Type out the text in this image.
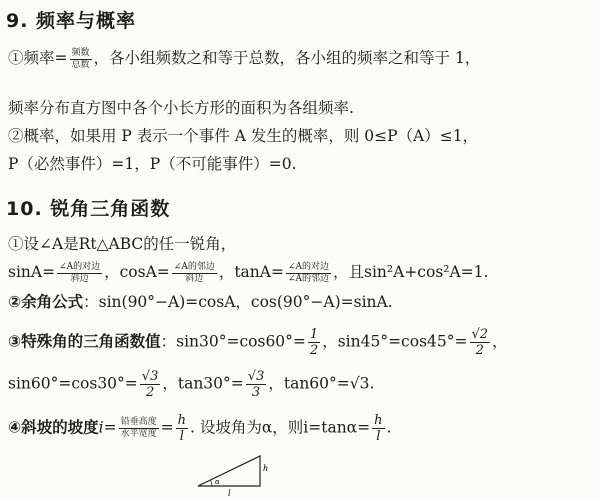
9. 频率与概率
①频率= $\frac{\text{频数}}{\text{总数}}$ ，各小组频数之和等于总数，各小组的频率之和等于 1，
频率分布直方图中各个小长方形的面积为各组频率.
②概率，如果用 P 表示一个事件 A 发生的概率，则 0≤P（A）≤1，
P（必然事件）=1，P（不可能事件）=0.
10. 锐角三角函数
①设∠A是Rt△ABC的任一锐角，
$\sin A= \frac{\text{∠A的对边}}{\text{斜边}}$ ，$\cos A= \frac{\text{∠A的邻边}}{\text{斜边}}$ ，$\tan A= \frac{\text{∠A的对边}}{\text{∠A的邻边}}$ ，且sin²A+cos²A=1.
②余角公式：sin(90°−A)=cosA，cos(90°−A)=sinA.
③特殊角的三角函数值：$\sin 30^\circ=\cos 60^\circ= \frac{1}{2}$ ，$\sin 45^\circ=\cos 45^\circ= \frac{√2}{2}$ ，
$\sin 60^\circ=\cos 30^\circ= \frac{√3}{2}$ ，$\tan 30^\circ= \frac{√3}{3}$ ，tan60°=√3.
④斜坡的坡度$i= \frac{\text{铅垂高度}}{\text{水平宽度}} = \frac{h}{l}$ . 设坡角为α，则$i=\tan\alpha= \frac{h}{l}$ .
α
h
l
